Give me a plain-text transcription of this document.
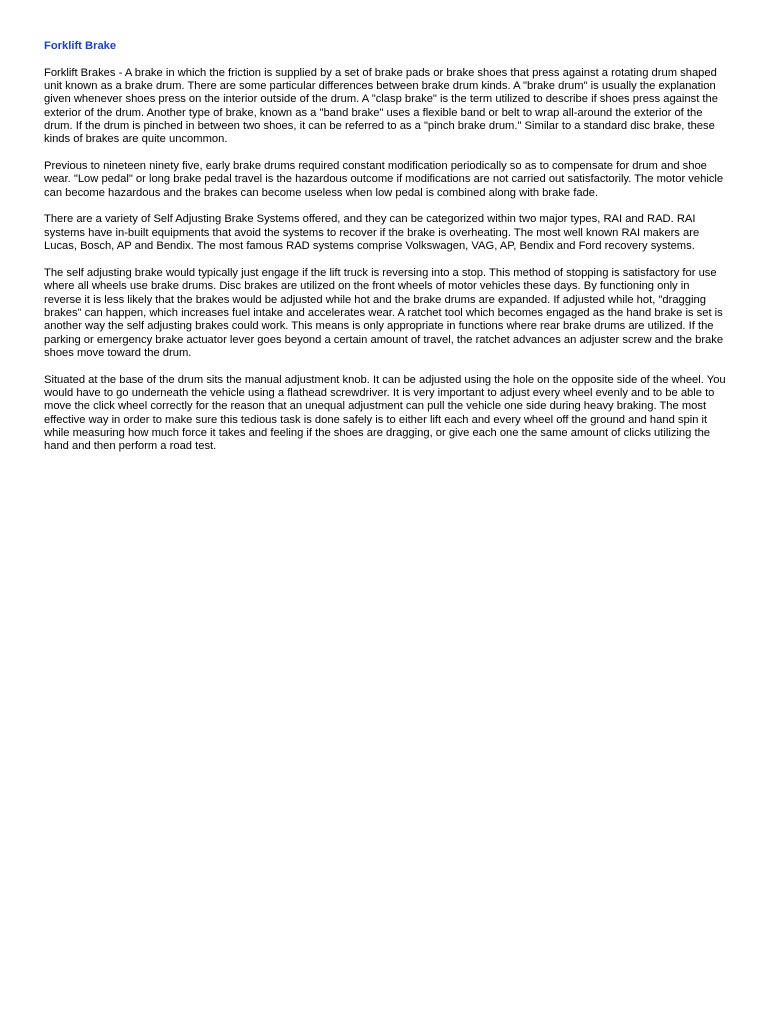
Forklift Brake
Forklift Brakes - A brake in which the friction is supplied by a set of brake pads or brake shoes that press against a rotating drum shaped unit known as a brake drum. There are some particular differences between brake drum kinds. A "brake drum" is usually the explanation given whenever shoes press on the interior outside of the drum. A "clasp brake" is the term utilized to describe if shoes press against the exterior of the drum. Another type of brake, known as a "band brake" uses a flexible band or belt to wrap all-around the exterior of the drum. If the drum is pinched in between two shoes, it can be referred to as a "pinch brake drum." Similar to a standard disc brake, these kinds of brakes are quite uncommon.
Previous to nineteen ninety five, early brake drums required constant modification periodically so as to compensate for drum and shoe wear. "Low pedal" or long brake pedal travel is the hazardous outcome if modifications are not carried out satisfactorily. The motor vehicle can become hazardous and the brakes can become useless when low pedal is combined along with brake fade.
There are a variety of Self Adjusting Brake Systems offered, and they can be categorized within two major types, RAI and RAD. RAI systems have in-built equipments that avoid the systems to recover if the brake is overheating. The most well known RAI makers are Lucas, Bosch, AP and Bendix. The most famous RAD systems comprise Volkswagen, VAG, AP, Bendix and Ford recovery systems.
The self adjusting brake would typically just engage if the lift truck is reversing into a stop. This method of stopping is satisfactory for use where all wheels use brake drums. Disc brakes are utilized on the front wheels of motor vehicles these days. By functioning only in reverse it is less likely that the brakes would be adjusted while hot and the brake drums are expanded. If adjusted while hot, "dragging brakes" can happen, which increases fuel intake and accelerates wear. A ratchet tool which becomes engaged as the hand brake is set is another way the self adjusting brakes could work. This means is only appropriate in functions where rear brake drums are utilized. If the parking or emergency brake actuator lever goes beyond a certain amount of travel, the ratchet advances an adjuster screw and the brake shoes move toward the drum.
Situated at the base of the drum sits the manual adjustment knob. It can be adjusted using the hole on the opposite side of the wheel. You would have to go underneath the vehicle using a flathead screwdriver. It is very important to adjust every wheel evenly and to be able to move the click wheel correctly for the reason that an unequal adjustment can pull the vehicle one side during heavy braking. The most effective way in order to make sure this tedious task is done safely is to either lift each and every wheel off the ground and hand spin it while measuring how much force it takes and feeling if the shoes are dragging, or give each one the same amount of clicks utilizing the hand and then perform a road test.
